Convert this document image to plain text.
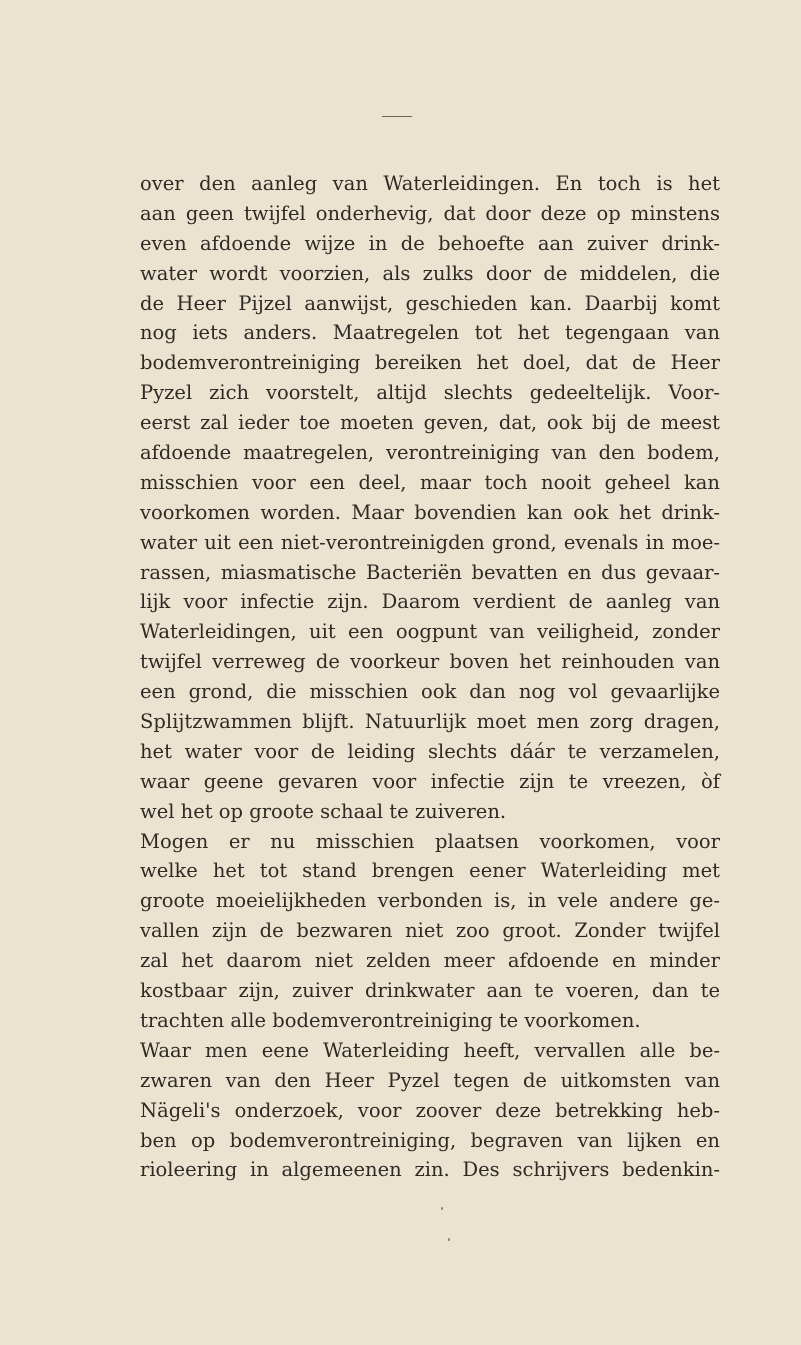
over den aanleg van Waterleidingen. En toch is het
aan geen twijfel onderhevig, dat door deze op minstens
even afdoende wijze in de behoefte aan zuiver drink-
water wordt voorzien, als zulks door de middelen, die
de Heer Pijzel aanwijst, geschieden kan. Daarbij komt
nog iets anders. Maatregelen tot het tegengaan van
bodemverontreiniging bereiken het doel, dat de Heer
Pyzel zich voorstelt, altijd slechts gedeeltelijk. Voor-
eerst zal ieder toe moeten geven, dat, ook bij de meest
afdoende maatregelen, verontreiniging van den bodem,
misschien voor een deel, maar toch nooit geheel kan
voorkomen worden. Maar bovendien kan ook het drink-
water uit een niet-verontreinigden grond, evenals in moe-
rassen, miasmatische Bacteriën bevatten en dus gevaar-
lijk voor infectie zijn. Daarom verdient de aanleg van
Waterleidingen, uit een oogpunt van veiligheid, zonder
twijfel verreweg de voorkeur boven het reinhouden van
een grond, die misschien ook dan nog vol gevaarlijke
Splijtzwammen blijft. Natuurlijk moet men zorg dragen,
het water voor de leiding slechts dáár te verzamelen,
waar geene gevaren voor infectie zijn te vreezen, òf
wel het op groote schaal te zuiveren.
Mogen er nu misschien plaatsen voorkomen, voor
welke het tot stand brengen eener Waterleiding met
groote moeielijkheden verbonden is, in vele andere ge-
vallen zijn de bezwaren niet zoo groot. Zonder twijfel
zal het daarom niet zelden meer afdoende en minder
kostbaar zijn, zuiver drinkwater aan te voeren, dan te
trachten alle bodemverontreiniging te voorkomen.
Waar men eene Waterleiding heeft, vervallen alle be-
zwaren van den Heer Pyzel tegen de uitkomsten van
Nägeli's onderzoek, voor zoover deze betrekking heb-
ben op bodemverontreiniging, begraven van lijken en
rioleering in algemeenen zin. Des schrijvers bedenkin-
